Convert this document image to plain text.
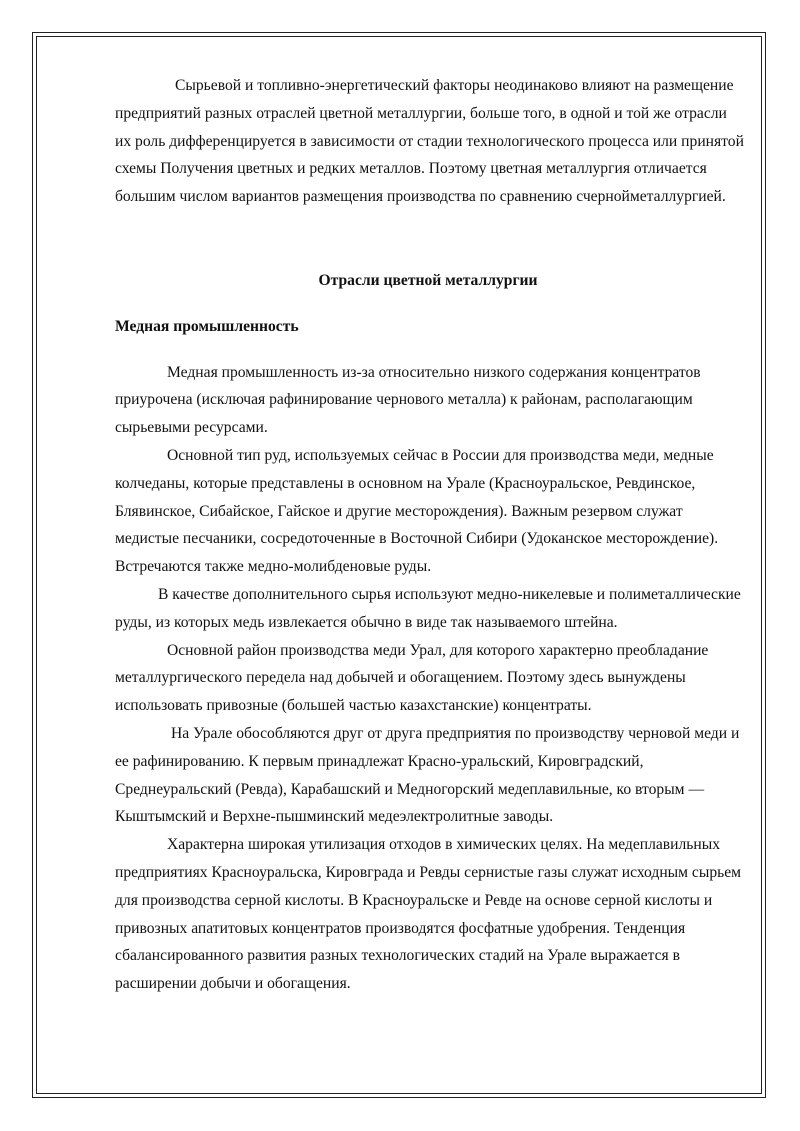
Сырьевой и топливно-энергетический факторы неодинаково влияют на размещение предприятий разных отраслей цветной металлургии, больше того, в одной и той же отрасли их роль дифференцируется в зависимости от стадии технологического процесса или принятой схемы Получения цветных и редких металлов. Поэтому цветная металлургия отличается большим числом вариантов размещения производства по сравнению счернойметаллургией.

Отрасли цветной металлургии

Медная промышленность

Медная промышленность из-за относительно низкого содержания концентратов приурочена (исключая рафинирование чернового металла) к районам, располагающим сырьевыми ресурсами.

Основной тип руд, используемых сейчас в России для производства меди, медные колчеданы, которые представлены в основном на Урале (Красноуральское, Ревдинское, Блявинское, Сибайское, Гайское и другие месторождения). Важным резервом служат медистые песчаники, сосредоточенные в Восточной Сибири (Удоканское месторождение). Встречаются также медно-молибденовые руды.

В качестве дополнительного сырья используют медно-никелевые и полиметаллические руды, из которых медь извлекается обычно в виде так называемого штейна.

Основной район производства меди Урал, для которого характерно преобладание металлургического передела над добычей и обогащением. Поэтому здесь вынуждены использовать привозные (большей частью казахстанские) концентраты.

На Урале обособляются друг от друга предприятия по производству черновой меди и ее рафинированию. К первым принадлежат Красно-уральский, Кировградский, Среднеуральский (Ревда), Карабашский и Медногорский медеплавильные, ко вторым — Кыштымский и Верхне-пышминский медеэлектролитные заводы.

Характерна широкая утилизация отходов в химических целях. На медеплавильных предприятиях Красноуральска, Кировграда и Ревды сернистые газы служат исходным сырьем для производства серной кислоты. В Красноуральске и Ревде на основе серной кислоты и привозных апатитовых концентратов производятся фосфатные удобрения. Тенденция сбалансированного развития разных технологических стадий на Урале выражается в расширении добычи и обогащения.
